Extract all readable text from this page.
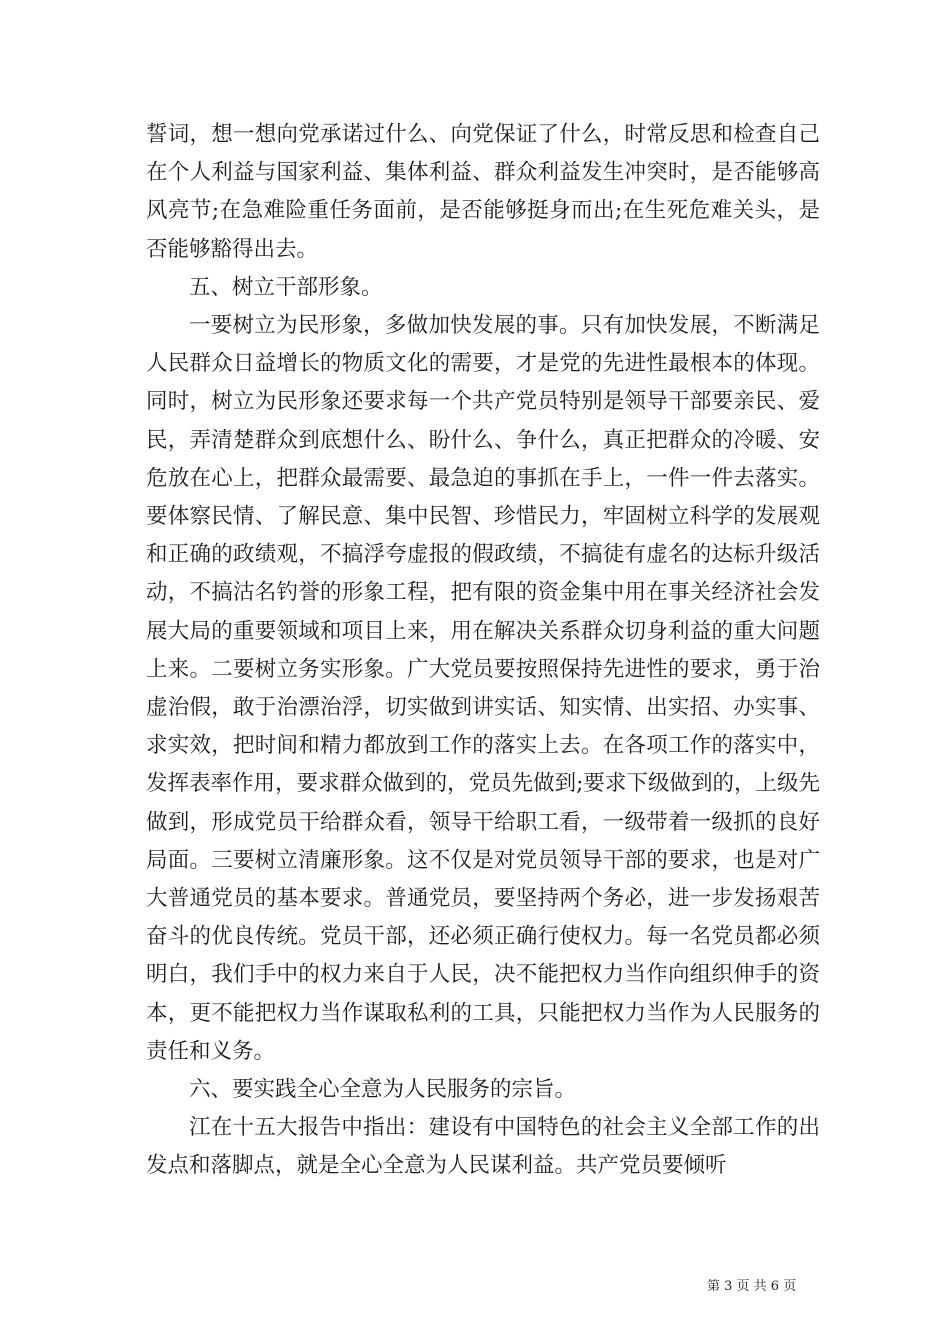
誓词，想一想向党承诺过什么、向党保证了什么，时常反思和检查自己在个人利益与国家利益、集体利益、群众利益发生冲突时，是否能够高风亮节;在急难险重任务面前，是否能够挺身而出;在生死危难关头，是否能够豁得出去。

五、树立干部形象。

一要树立为民形象，多做加快发展的事。只有加快发展，不断满足人民群众日益增长的物质文化的需要，才是党的先进性最根本的体现。同时，树立为民形象还要求每一个共产党员特别是领导干部要亲民、爱民，弄清楚群众到底想什么、盼什么、争什么，真正把群众的冷暖、安危放在心上，把群众最需要、最急迫的事抓在手上，一件一件去落实。要体察民情、了解民意、集中民智、珍惜民力，牢固树立科学的发展观和正确的政绩观，不搞浮夸虚报的假政绩，不搞徒有虚名的达标升级活动，不搞沽名钓誉的形象工程，把有限的资金集中用在事关经济社会发展大局的重要领域和项目上来，用在解决关系群众切身利益的重大问题上来。二要树立务实形象。广大党员要按照保持先进性的要求，勇于治虚治假，敢于治漂治浮，切实做到讲实话、知实情、出实招、办实事、求实效，把时间和精力都放到工作的落实上去。在各项工作的落实中，发挥表率作用，要求群众做到的，党员先做到;要求下级做到的，上级先做到，形成党员干给群众看，领导干给职工看，一级带着一级抓的良好局面。三要树立清廉形象。这不仅是对党员领导干部的要求，也是对广大普通党员的基本要求。普通党员，要坚持两个务必，进一步发扬艰苦奋斗的优良传统。党员干部，还必须正确行使权力。每一名党员都必须明白，我们手中的权力来自于人民，决不能把权力当作向组织伸手的资本，更不能把权力当作谋取私利的工具，只能把权力当作为人民服务的责任和义务。

六、要实践全心全意为人民服务的宗旨。

江在十五大报告中指出：建设有中国特色的社会主义全部工作的出发点和落脚点，就是全心全意为人民谋利益。共产党员要倾听

第 3 页 共 6 页
